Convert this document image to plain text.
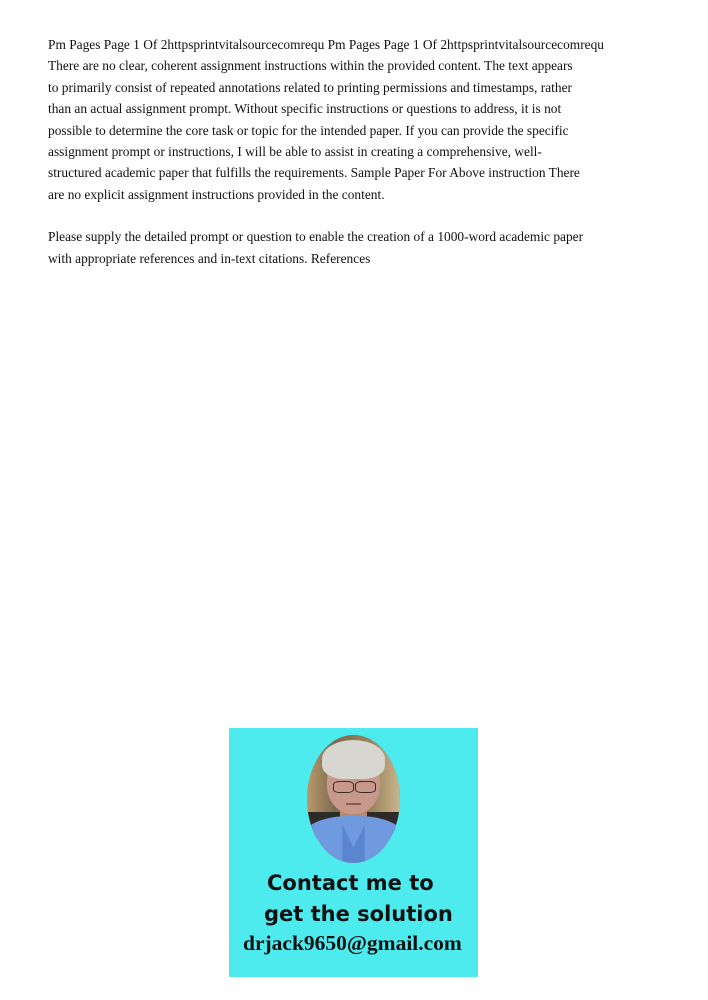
Pm Pages Page 1 Of 2httpsprintvitalsourcecomrequ Pm Pages Page 1 Of 2httpsprintvitalsourcecomrequ
There are no clear, coherent assignment instructions within the provided content. The text appears
to primarily consist of repeated annotations related to printing permissions and timestamps, rather
than an actual assignment prompt. Without specific instructions or questions to address, it is not
possible to determine the core task or topic for the intended paper. If you can provide the specific
assignment prompt or instructions, I will be able to assist in creating a comprehensive, well-
structured academic paper that fulfills the requirements. Sample Paper For Above instruction There
are no explicit assignment instructions provided in the content.

Please supply the detailed prompt or question to enable the creation of a 1000-word academic paper
with appropriate references and in-text citations. References

Contact me to
get the solution
drjack9650@gmail.com
